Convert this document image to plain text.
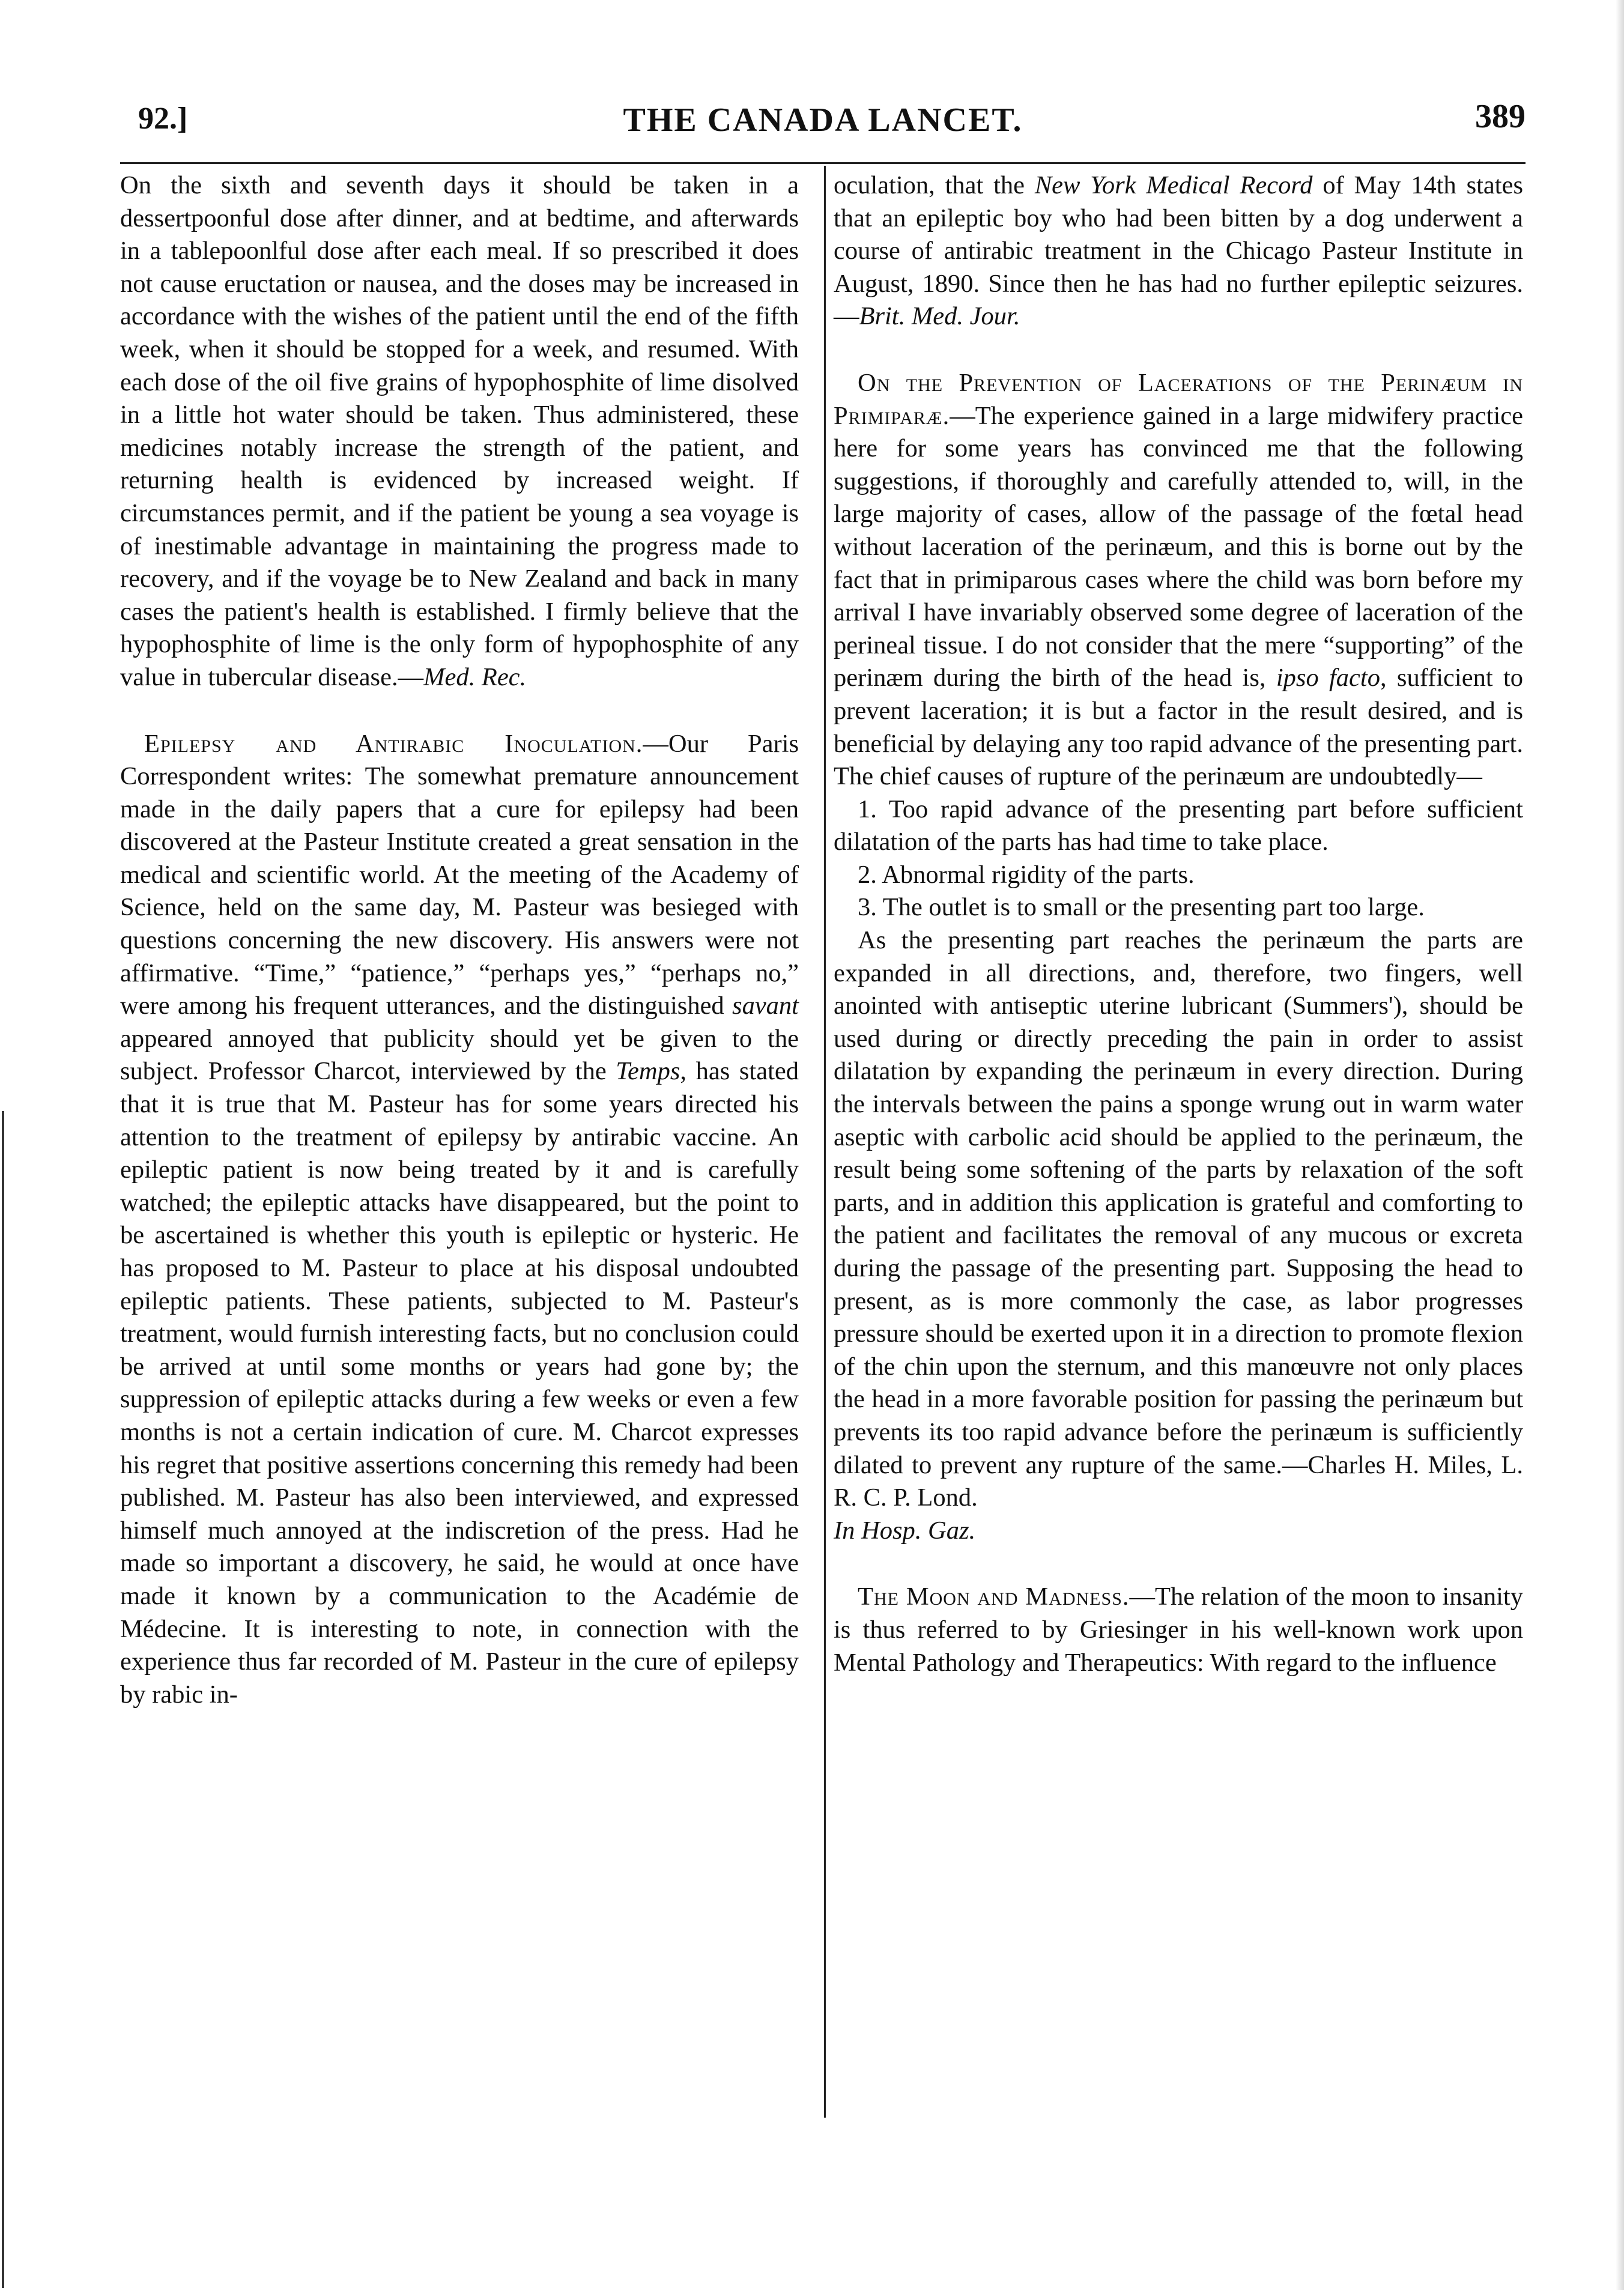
92.]	THE CANADA LANCET.	389

On the sixth and seventh days it should be taken in a dessertpoonful dose after dinner, and at bedtime, and afterwards in a tablepoonlful dose after each meal. If so prescribed it does not cause eructation or nausea, and the doses may be increased in accordance with the wishes of the patient until the end of the fifth week, when it should be stopped for a week, and resumed. With each dose of the oil five grains of hypophosphite of lime disolved in a little hot water should be taken. Thus administered, these medicines notably increase the strength of the patient, and returning health is evidenced by increased weight. If circumstances permit, and if the patient be young a sea voyage is of inestimable advantage in maintaining the progress made to recovery, and if the voyage be to New Zealand and back in many cases the patient's health is established. I firmly believe that the hypophosphite of lime is the only form of hypophosphite of any value in tubercular disease.—Med. Rec.

Epilepsy and Antirabic Inoculation.—Our Paris Correspondent writes: The somewhat premature announcement made in the daily papers that a cure for epilepsy had been discovered at the Pasteur Institute created a great sensation in the medical and scientific world. At the meeting of the Academy of Science, held on the same day, M. Pasteur was besieged with questions concerning the new discovery. His answers were not affirmative. “Time,” “patience,” “perhaps yes,” “perhaps no,” were among his frequent utterances, and the distinguished savant appeared annoyed that publicity should yet be given to the subject. Professor Charcot, interviewed by the Temps, has stated that it is true that M. Pasteur has for some years directed his attention to the treatment of epilepsy by antirabic vaccine. An epileptic patient is now being treated by it and is carefully watched; the epileptic attacks have disappeared, but the point to be ascertained is whether this youth is epileptic or hysteric. He has proposed to M. Pasteur to place at his disposal undoubted epileptic patients. These patients, subjected to M. Pasteur's treatment, would furnish interesting facts, but no conclusion could be arrived at until some months or years had gone by; the suppression of epileptic attacks during a few weeks or even a few months is not a certain indication of cure. M. Charcot expresses his regret that positive assertions concerning this remedy had been published. M. Pasteur has also been interviewed, and expressed himself much annoyed at the indiscretion of the press. Had he made so important a discovery, he said, he would at once have made it known by a communication to the Académie de Médecine. It is interesting to note, in connection with the experience thus far recorded of M. Pasteur in the cure of epilepsy by rabic in-

oculation, that the New York Medical Record of May 14th states that an epileptic boy who had been bitten by a dog underwent a course of antirabic treatment in the Chicago Pasteur Institute in August, 1890. Since then he has had no further epileptic seizures.—Brit. Med. Jour.

On the Prevention of Lacerations of the Perinæum in Primiparæ.—The experience gained in a large midwifery practice here for some years has convinced me that the following suggestions, if thoroughly and carefully attended to, will, in the large majority of cases, allow of the passage of the fœtal head without laceration of the perinæum, and this is borne out by the fact that in primiparous cases where the child was born before my arrival I have invariably observed some degree of laceration of the perineal tissue. I do not consider that the mere “supporting” of the perinæm during the birth of the head is, ipso facto, sufficient to prevent laceration; it is but a factor in the result desired, and is beneficial by delaying any too rapid advance of the presenting part. The chief causes of rupture of the perinæum are undoubtedly—

1. Too rapid advance of the presenting part before sufficient dilatation of the parts has had time to take place.

2. Abnormal rigidity of the parts.

3. The outlet is to small or the presenting part too large.

As the presenting part reaches the perinæum the parts are expanded in all directions, and, therefore, two fingers, well anointed with antiseptic uterine lubricant (Summers'), should be used during or directly preceding the pain in order to assist dilatation by expanding the perinæum in every direction. During the intervals between the pains a sponge wrung out in warm water aseptic with carbolic acid should be applied to the perinæum, the result being some softening of the parts by relaxation of the soft parts, and in addition this application is grateful and comforting to the patient and facilitates the removal of any mucous or excreta during the passage of the presenting part. Supposing the head to present, as is more commonly the case, as labor progresses pressure should be exerted upon it in a direction to promote flexion of the chin upon the sternum, and this manœuvre not only places the head in a more favorable position for passing the perinæum but prevents its too rapid advance before the perinæum is sufficiently dilated to prevent any rupture of the same.—Charles H. Miles, L. R. C. P. Lond.

In Hosp. Gaz.

The Moon and Madness.—The relation of the moon to insanity is thus referred to by Griesinger in his well-known work upon Mental Pathology and Therapeutics: With regard to the influence
